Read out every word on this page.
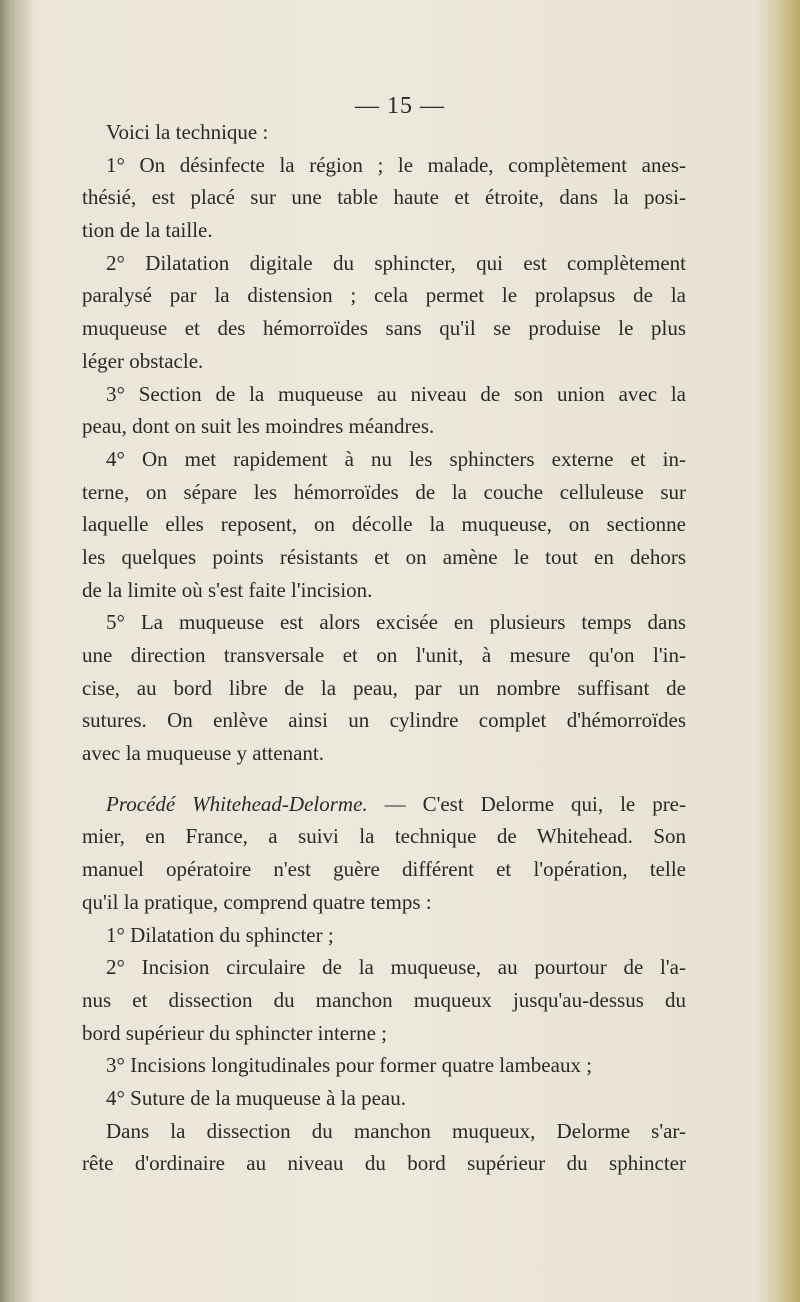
— 15 —
Voici la technique :
1° On désinfecte la région ; le malade, complètement anes-
thésié, est placé sur une table haute et étroite, dans la posi-
tion de la taille.
2° Dilatation digitale du sphincter, qui est complètement
paralysé par la distension ; cela permet le prolapsus de la
muqueuse et des hémorroïdes sans qu'il se produise le plus
léger obstacle.
3° Section de la muqueuse au niveau de son union avec la
peau, dont on suit les moindres méandres.
4° On met rapidement à nu les sphincters externe et in-
terne, on sépare les hémorroïdes de la couche celluleuse sur
laquelle elles reposent, on décolle la muqueuse, on sectionne
les quelques points résistants et on amène le tout en dehors
de la limite où s'est faite l'incision.
5° La muqueuse est alors excisée en plusieurs temps dans
une direction transversale et on l'unit, à mesure qu'on l'in-
cise, au bord libre de la peau, par un nombre suffisant de
sutures. On enlève ainsi un cylindre complet d'hémorroïdes
avec la muqueuse y attenant.
Procédé Whitehead-Delorme. — C'est Delorme qui, le pre-
mier, en France, a suivi la technique de Whitehead. Son
manuel opératoire n'est guère différent et l'opération, telle
qu'il la pratique, comprend quatre temps :
1° Dilatation du sphincter ;
2° Incision circulaire de la muqueuse, au pourtour de l'a-
nus et dissection du manchon muqueux jusqu'au-dessus du
bord supérieur du sphincter interne ;
3° Incisions longitudinales pour former quatre lambeaux ;
4° Suture de la muqueuse à la peau.
Dans la dissection du manchon muqueux, Delorme s'ar-
rête d'ordinaire au niveau du bord supérieur du sphincter
